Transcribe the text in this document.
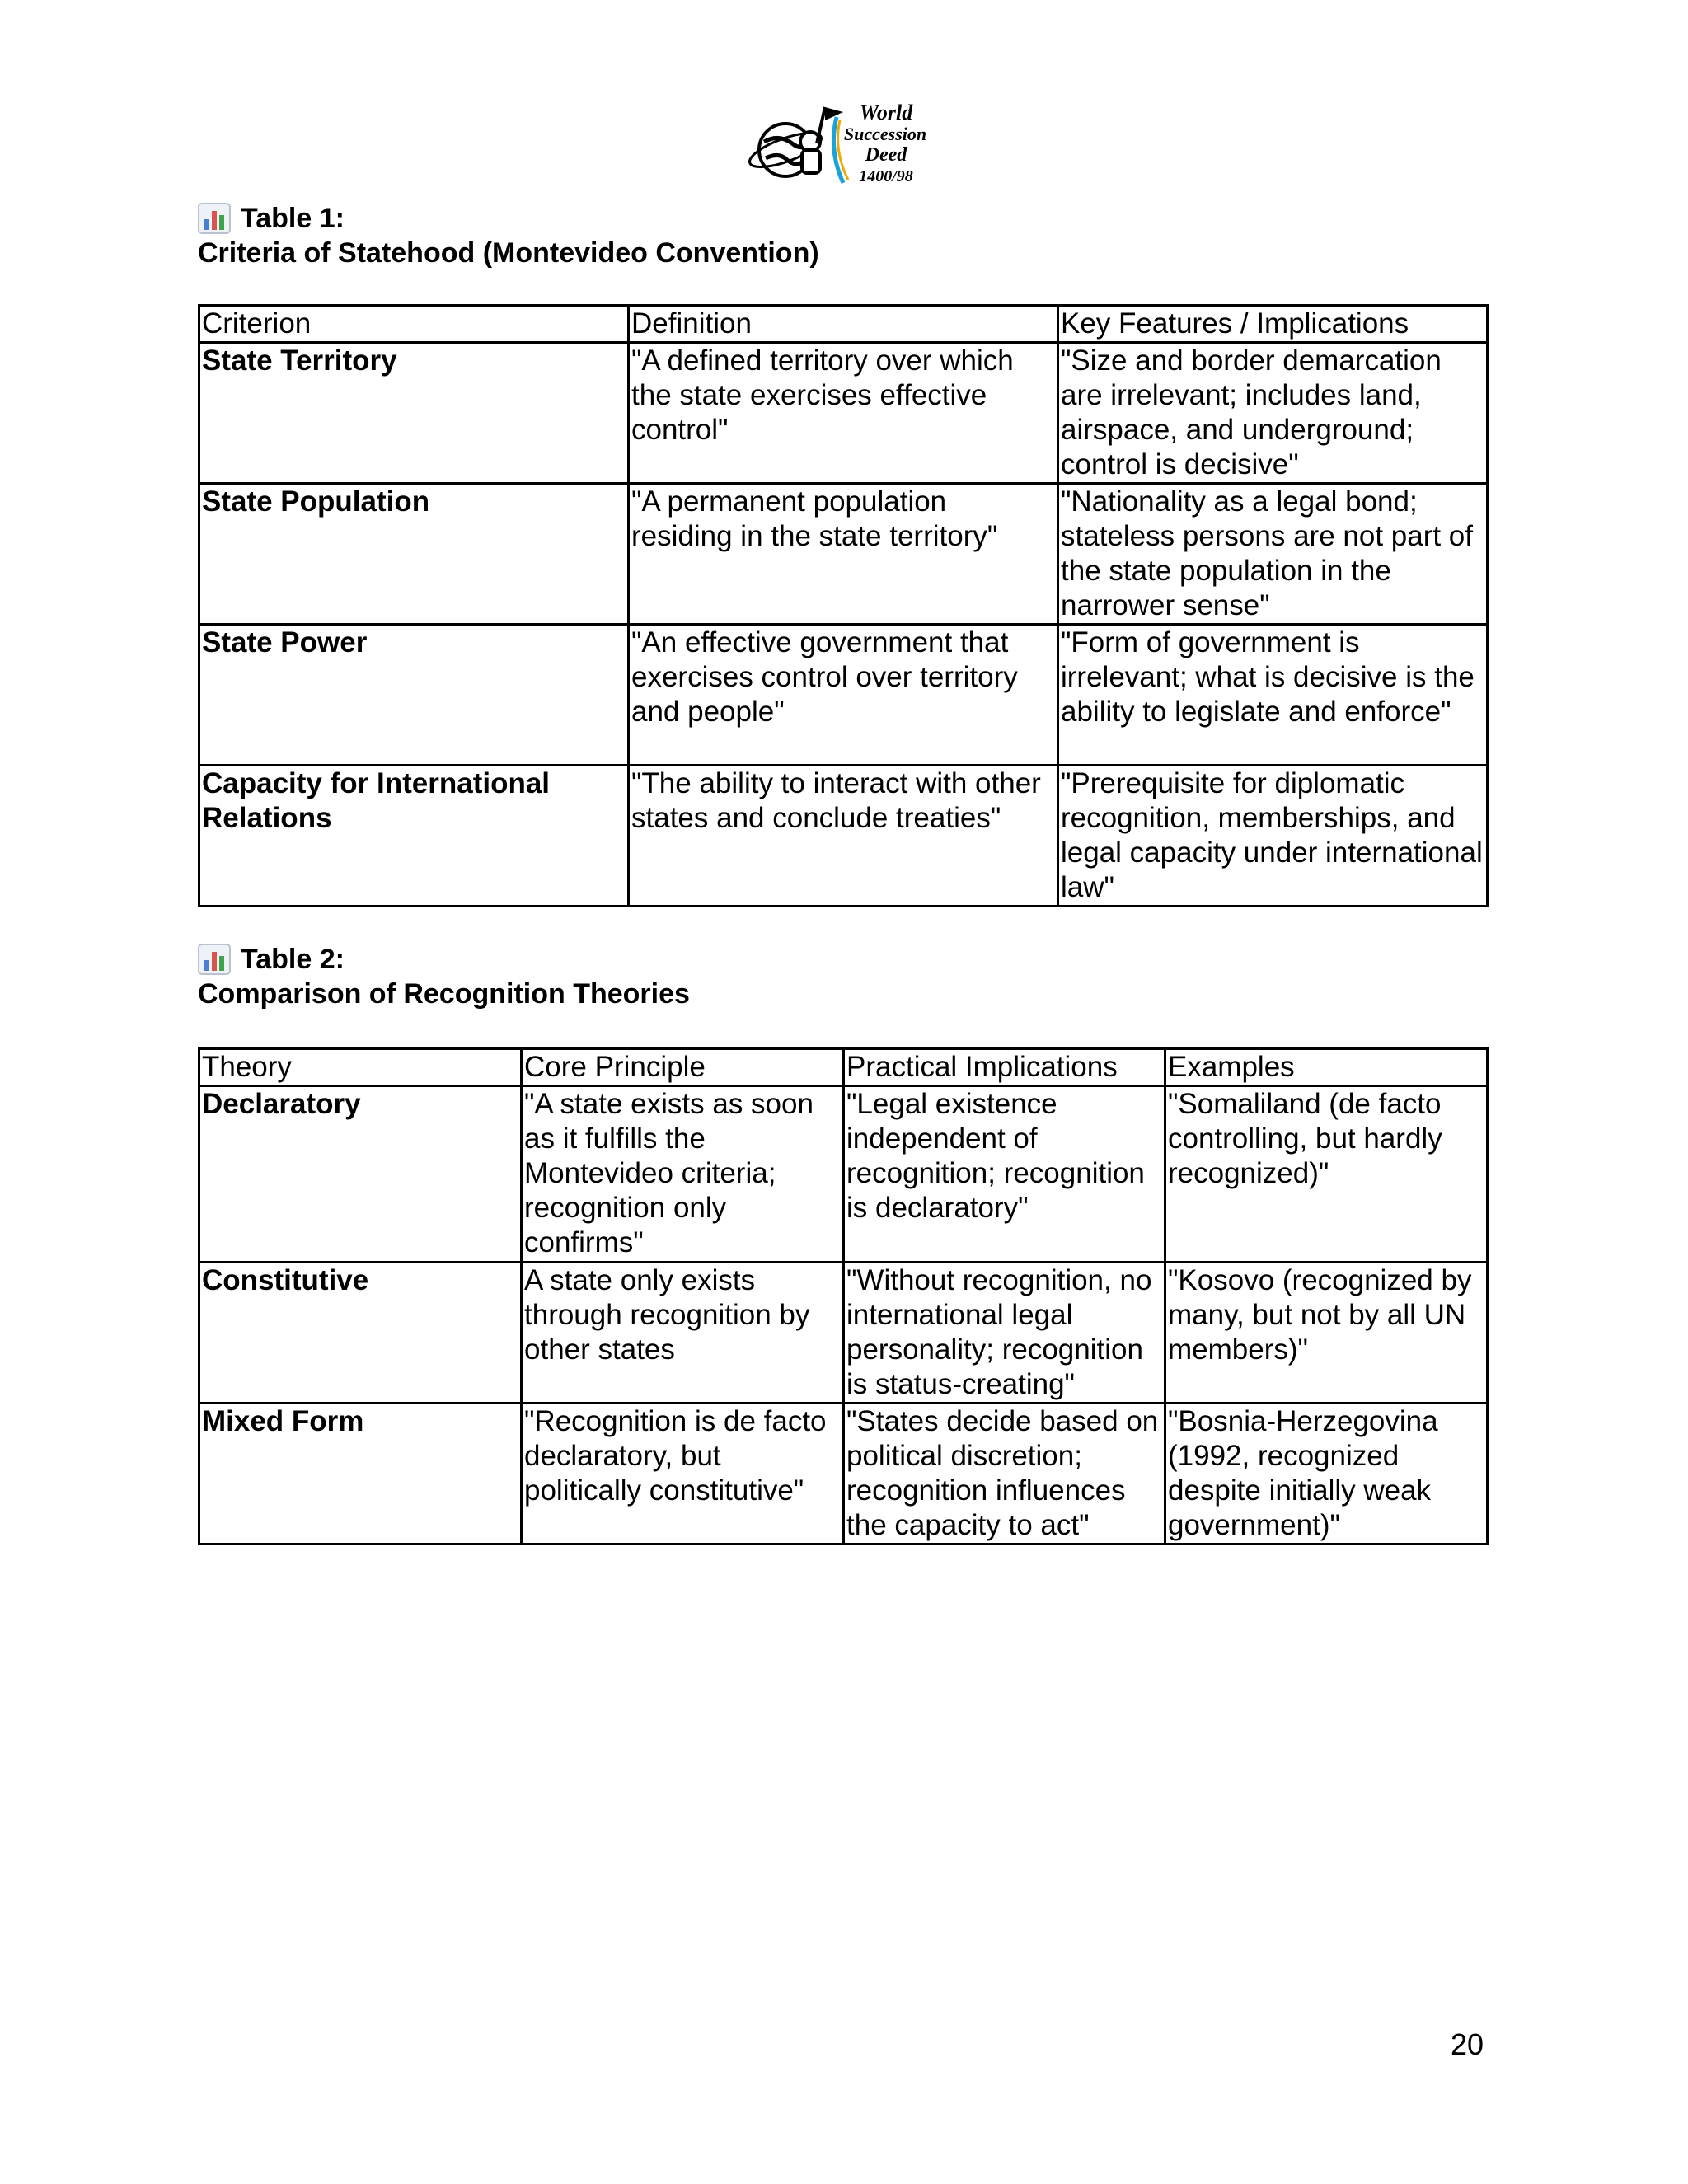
World
Succession
Deed
1400/98
Table 1:
Criteria of Statehood (Montevideo Convention)
Criterion	Definition	Key Features / Implications
State Territory	"A defined territory over which the state exercises effective control"	"Size and border demarcation are irrelevant; includes land, airspace, and underground; control is decisive"
State Population	"A permanent population residing in the state territory"	"Nationality as a legal bond; stateless persons are not part of the state population in the narrower sense"
State Power	"An effective government that exercises control over territory and people"	"Form of government is irrelevant; what is decisive is the ability to legislate and enforce"
Capacity for International Relations	"The ability to interact with other states and conclude treaties"	"Prerequisite for diplomatic recognition, memberships, and legal capacity under international law"
Table 2:
Comparison of Recognition Theories
Theory	Core Principle	Practical Implications	Examples
Declaratory	"A state exists as soon as it fulfills the Montevideo criteria; recognition only confirms"	"Legal existence independent of recognition; recognition is declaratory"	"Somaliland (de facto controlling, but hardly recognized)"
Constitutive	A state only exists through recognition by other states	"Without recognition, no international legal personality; recognition is status-creating"	"Kosovo (recognized by many, but not by all UN members)"
Mixed Form	"Recognition is de facto declaratory, but politically constitutive"	"States decide based on political discretion; recognition influences the capacity to act"	"Bosnia-Herzegovina (1992, recognized despite initially weak government)"
20
